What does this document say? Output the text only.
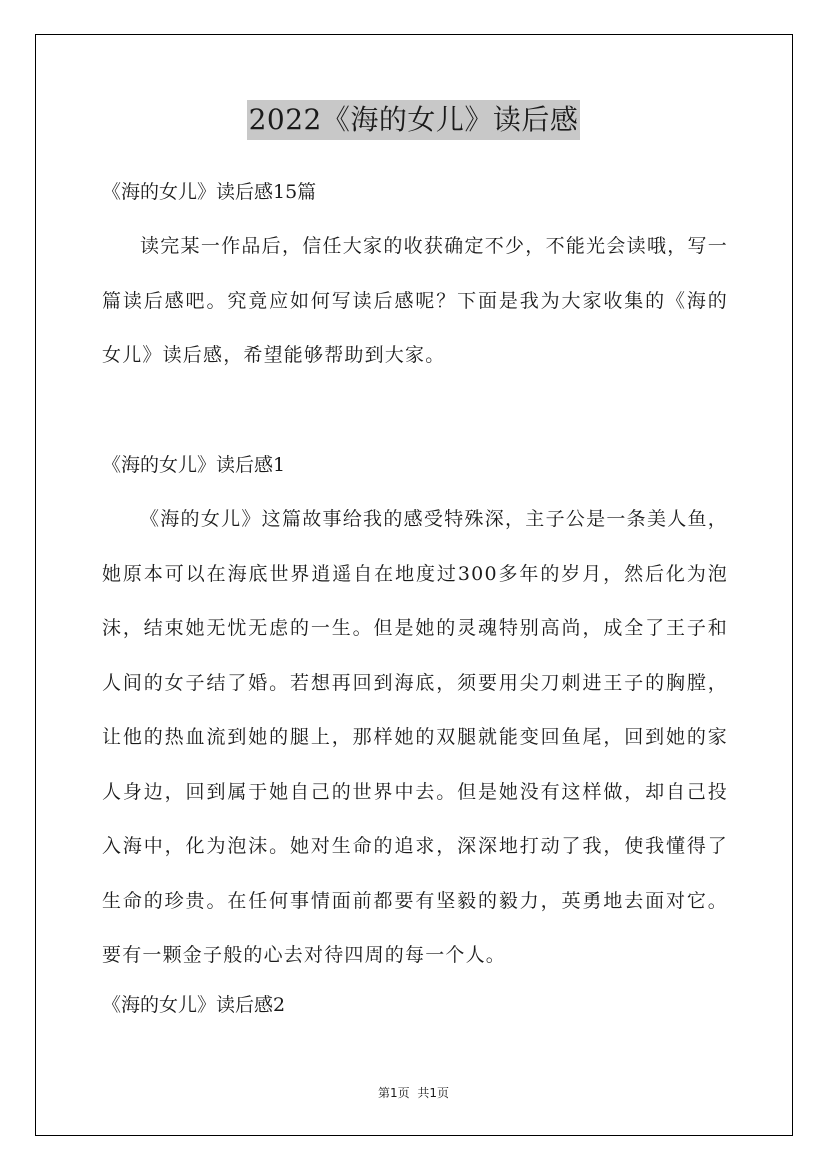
2022《海的女儿》读后感
《海的女儿》读后感15篇

读完某一作品后，信任大家的收获确定不少，不能光会读哦，写一篇读后感吧。究竟应如何写读后感呢？下面是我为大家收集的《海的女儿》读后感，希望能够帮助到大家。

《海的女儿》读后感1

《海的女儿》这篇故事给我的感受特殊深，主子公是一条美人鱼，她原本可以在海底世界逍遥自在地度过300多年的岁月，然后化为泡沫，结束她无忧无虑的一生。但是她的灵魂特别高尚，成全了王子和人间的女子结了婚。若想再回到海底，须要用尖刀刺进王子的胸膛，让他的热血流到她的腿上，那样她的双腿就能变回鱼尾，回到她的家人身边，回到属于她自己的世界中去。但是她没有这样做，却自己投入海中，化为泡沫。她对生命的追求，深深地打动了我，使我懂得了生命的珍贵。在任何事情面前都要有坚毅的毅力，英勇地去面对它。要有一颗金子般的心去对待四周的每一个人。

《海的女儿》读后感2
第1页 共1页
